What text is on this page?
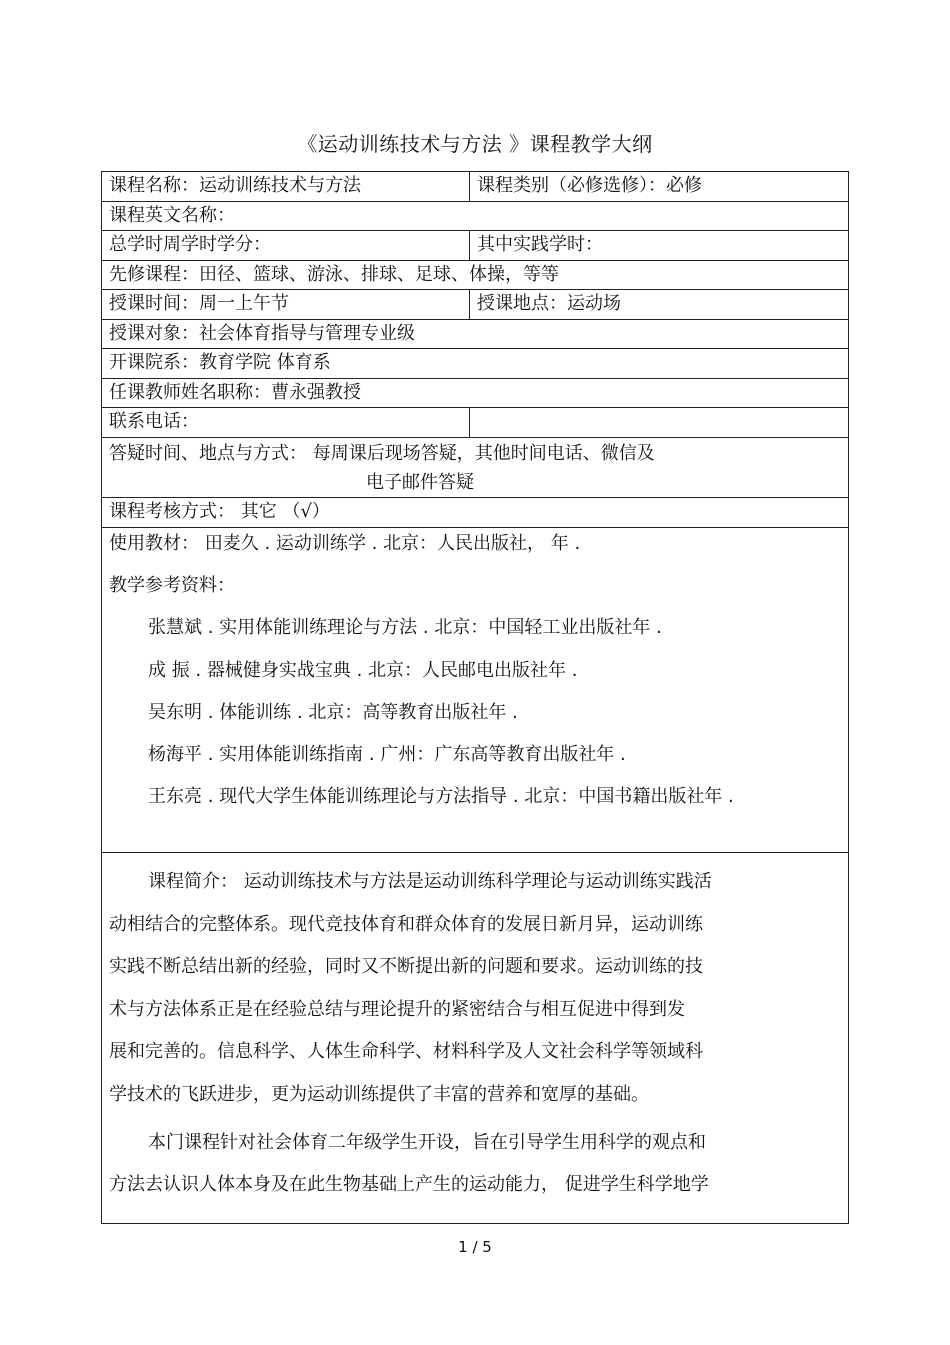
《运动训练技术与方法 》课程教学大纲
课程名称：运动训练技术与方法	课程类别（必修选修）：必修
课程英文名称：
总学时周学时学分：	其中实践学时：
先修课程：田径、篮球、游泳、排球、足球、体操，等等
授课时间：周一上午节	授课地点：运动场
授课对象：社会体育指导与管理专业级
开课院系：教育学院 体育系
任课教师姓名职称：曹永强教授
联系电话：
答疑时间、地点与方式： 每周课后现场答疑，其他时间电话、微信及
电子邮件答疑
课程考核方式： 其它 （√）
使用教材： 田麦久 . 运动训练学 . 北京：人民出版社， 年 .
教学参考资料：
张慧斌 . 实用体能训练理论与方法 . 北京：中国轻工业出版社年 .
成 振 . 器械健身实战宝典 . 北京：人民邮电出版社年 .
吴东明 . 体能训练 . 北京：高等教育出版社年 .
杨海平 . 实用体能训练指南 . 广州：广东高等教育出版社年 .
王东亮 . 现代大学生体能训练理论与方法指导 . 北京：中国书籍出版社年 .
课程简介： 运动训练技术与方法是运动训练科学理论与运动训练实践活
动相结合的完整体系。现代竞技体育和群众体育的发展日新月异，运动训练
实践不断总结出新的经验，同时又不断提出新的问题和要求。运动训练的技
术与方法体系正是在经验总结与理论提升的紧密结合与相互促进中得到发
展和完善的。信息科学、人体生命科学、材料科学及人文社会科学等领域科
学技术的飞跃进步，更为运动训练提供了丰富的营养和宽厚的基础。
本门课程针对社会体育二年级学生开设，旨在引导学生用科学的观点和
方法去认识人体本身及在此生物基础上产生的运动能力， 促进学生科学地学
1 / 5
